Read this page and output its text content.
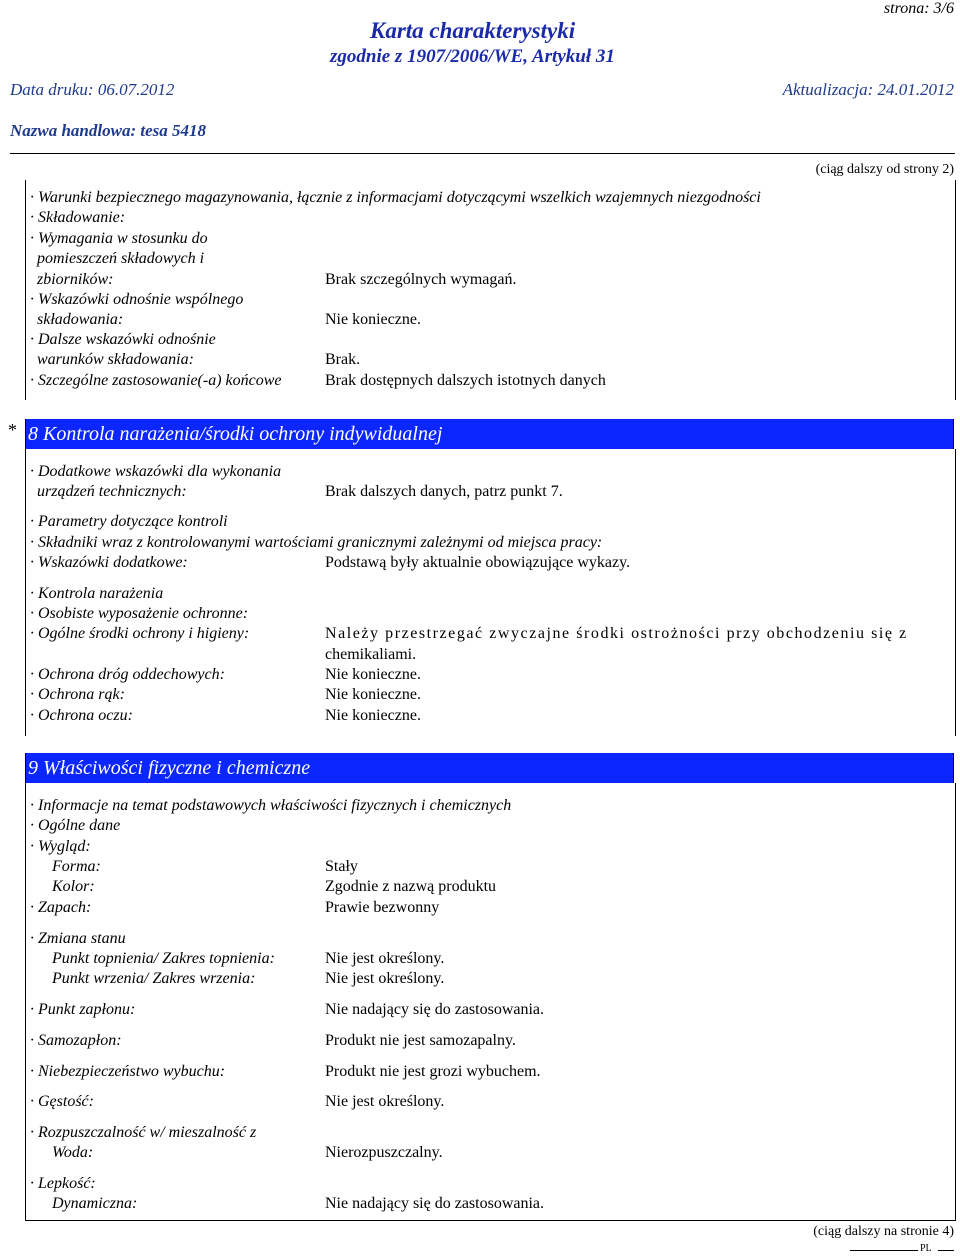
strona: 3/6
Karta charakterystyki
zgodnie z 1907/2006/WE, Artykuł 31
Data druku: 06.07.2012	Aktualizacja: 24.01.2012
Nazwa handlowa: tesa 5418
(ciąg dalszy od strony 2)
· Warunki bezpiecznego magazynowania, łącznie z informacjami dotyczącymi wszelkich wzajemnych niezgodności
· Składowanie:
· Wymagania w stosunku do
pomieszczeń składowych i
zbiorników:	Brak szczególnych wymagań.
· Wskazówki odnośnie wspólnego
składowania:	Nie konieczne.
· Dalsze wskazówki odnośnie
warunków składowania:	Brak.
· Szczególne zastosowanie(-a) końcowe	Brak dostępnych dalszych istotnych danych
* 8 Kontrola narażenia/środki ochrony indywidualnej
· Dodatkowe wskazówki dla wykonania
urządzeń technicznych:	Brak dalszych danych, patrz punkt 7.
· Parametry dotyczące kontroli
· Składniki wraz z kontrolowanymi wartościami granicznymi zależnymi od miejsca pracy:
· Wskazówki dodatkowe:	Podstawą były aktualnie obowiązujące wykazy.
· Kontrola narażenia
· Osobiste wyposażenie ochronne:
· Ogólne środki ochrony i higieny:	Należy przestrzegać zwyczajne środki ostrożności przy obchodzeniu się z
chemikaliami.
· Ochrona dróg oddechowych:	Nie konieczne.
· Ochrona rąk:	Nie konieczne.
· Ochrona oczu:	Nie konieczne.
9 Właściwości fizyczne i chemiczne
· Informacje na temat podstawowych właściwości fizycznych i chemicznych
· Ogólne dane
· Wygląd:
Forma:	Stały
Kolor:	Zgodnie z nazwą produktu
· Zapach:	Prawie bezwonny
· Zmiana stanu
Punkt topnienia/ Zakres topnienia:	Nie jest określony.
Punkt wrzenia/ Zakres wrzenia:	Nie jest określony.
· Punkt zapłonu:	Nie nadający się do zastosowania.
· Samozapłon:	Produkt nie jest samozapalny.
· Niebezpieczeństwo wybuchu:	Produkt nie jest grozi wybuchem.
· Gęstość:	Nie jest określony.
· Rozpuszczalność w/ mieszalność z
Woda:	Nierozpuszczalny.
· Lepkość:
Dynamiczna:	Nie nadający się do zastosowania.
(ciąg dalszy na stronie 4)
PL
